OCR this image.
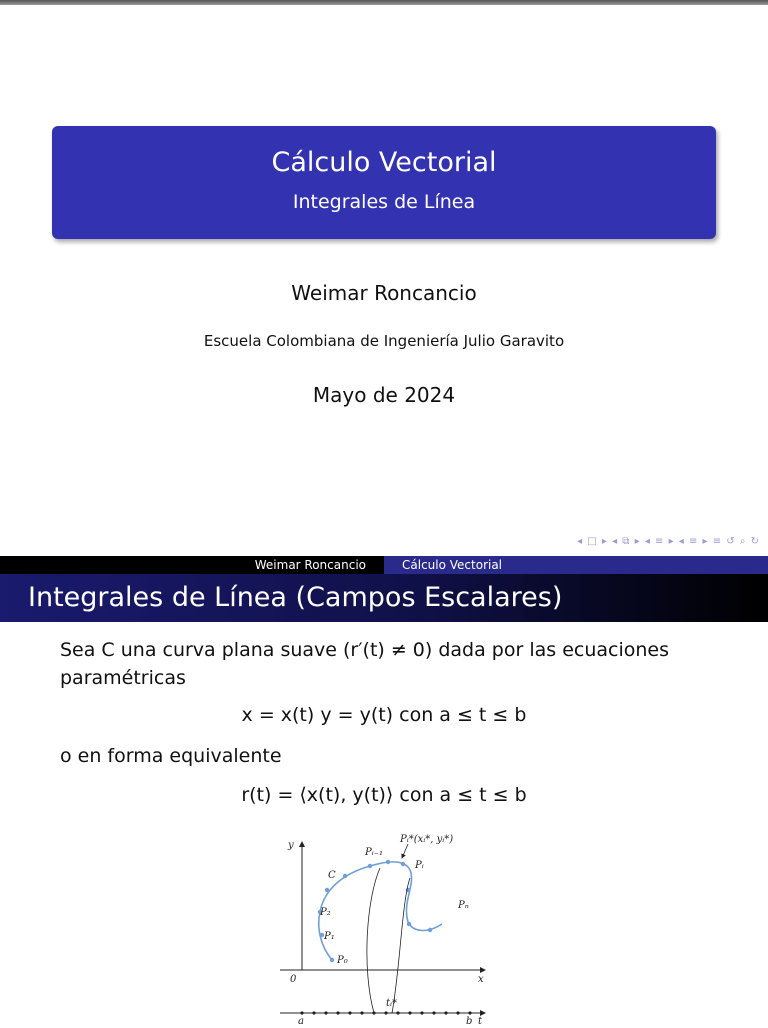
Cálculo Vectorial
Integrales de Línea
Weimar Roncancio
Escuela Colombiana de Ingeniería Julio Garavito
Mayo de 2024
◂ □ ▸ ◂ ⧉ ▸ ◂ ≡ ▸ ◂ ≡ ▸ ≡ ↺ ⌕ ↻
Weimar Roncancio	Cálculo Vectorial
Integrales de Línea (Campos Escalares)
Sea C una curva plana suave (r′(t) ≠ 0) dada por las ecuaciones
paramétricas
x = x(t) y = y(t) con a ≤ t ≤ b
o en forma equivalente
r(t) = ⟨x(t), y(t)⟩ con a ≤ t ≤ b
y
x
0
C
P₀
P₁
P₂
Pᵢ₋₁
Pᵢ
Pᵢ*(xᵢ*, yᵢ*)
Pₙ
tᵢ*
a	b t
